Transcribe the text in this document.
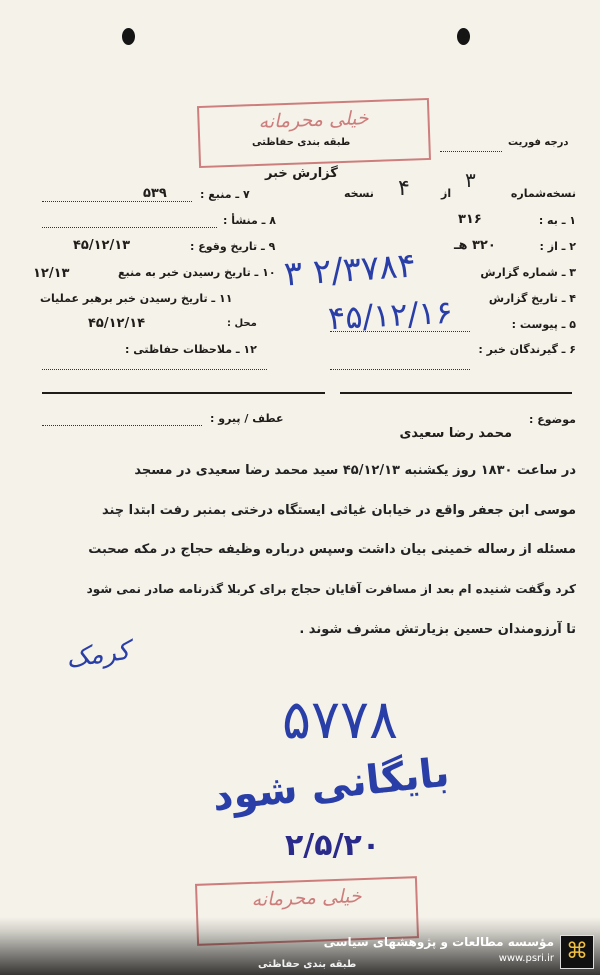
خیلی محرمانه
طبقه بندی حفاظتی	درجه فوریت
گزارش خبر
نسخه‌شماره
۳
از
۴
نسخه
۷ ـ منبع :
۵۳۹
۸ ـ منشأ :
۹ ـ تاریخ وقوع :
۴۵/۱۲/۱۳
۱۰ ـ تاریخ رسیدن خبر به منبع
۱۲/۱۳
۱۱ ـ تاریخ رسیدن خبر برهبر عملیات
محل :
۴۵/۱۲/۱۴
۱۲ ـ ملاحظات حفاظتی :
۱ ـ به :
۳۱۶
۲ ـ از :
۳۲۰ هـ
۳ ـ شماره گزارش
۴ ـ تاریخ گزارش
۵ ـ پیوست :
۶ ـ گیرندگان خبر :
۲/۳۷۸۴ ۳
۴۵/۱۲/۱۶
عطف / پیرو :	موضوع :
محمد رضا سعیدی
در ساعت ۱۸۳۰ روز یکشنبه ۴۵/۱۲/۱۳ سید محمد رضا سعیدی در مسجد
موسی ابن جعفر واقع در خیابان غیاثی ایستگاه درختی بمنبر رفت ابتدا چند
مسئله از رساله خمینی بیان داشت وسپس درباره وظیفه حجاج در مکه صحبت
کرد وگفت شنیده ام بعد از مسافرت آقایان حجاج برای کربلا گذرنامه صادر نمی شود
تا آرزومندان حسین بزیارتش مشرف شوند .
کرمک
۵۷۷۸
بایگانی شود
۲/۵/۲۰
خیلی محرمانه
طبقه بندی حفاظتی
⌘
مؤسسه مطالعات و پژوهشهای سیاسی
www.psri.ir
